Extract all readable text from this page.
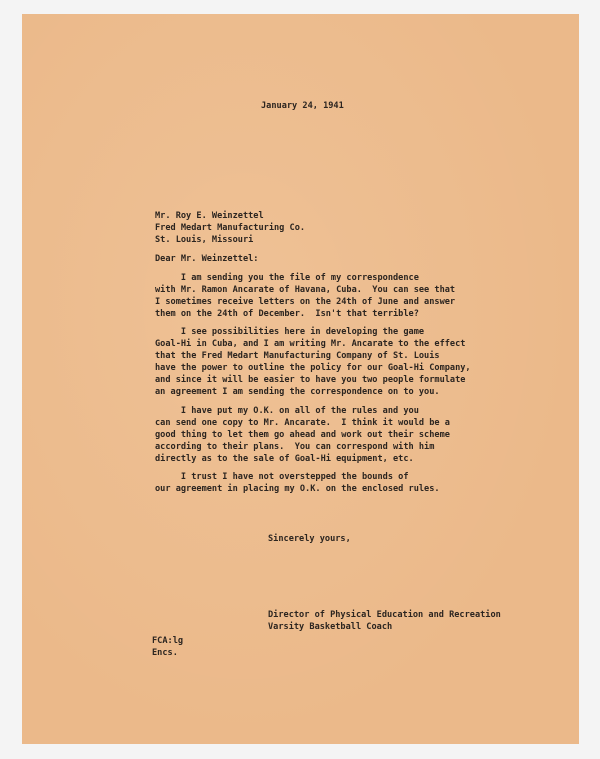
January 24, 1941
Mr. Roy E. Weinzettel
Fred Medart Manufacturing Co.
St. Louis, Missouri
Dear Mr. Weinzettel:
I am sending you the file of my correspondence
with Mr. Ramon Ancarate of Havana, Cuba.  You can see that
I sometimes receive letters on the 24th of June and answer
them on the 24th of December.  Isn't that terrible?
I see possibilities here in developing the game
Goal-Hi in Cuba, and I am writing Mr. Ancarate to the effect
that the Fred Medart Manufacturing Company of St. Louis
have the power to outline the policy for our Goal-Hi Company,
and since it will be easier to have you two people formulate
an agreement I am sending the correspondence on to you.
I have put my O.K. on all of the rules and you
can send one copy to Mr. Ancarate.  I think it would be a
good thing to let them go ahead and work out their scheme
according to their plans.  You can correspond with him
directly as to the sale of Goal-Hi equipment, etc.
I trust I have not overstepped the bounds of
our agreement in placing my O.K. on the enclosed rules.
Sincerely yours,
Director of Physical Education and Recreation
Varsity Basketball Coach
FCA:lg
Encs.
